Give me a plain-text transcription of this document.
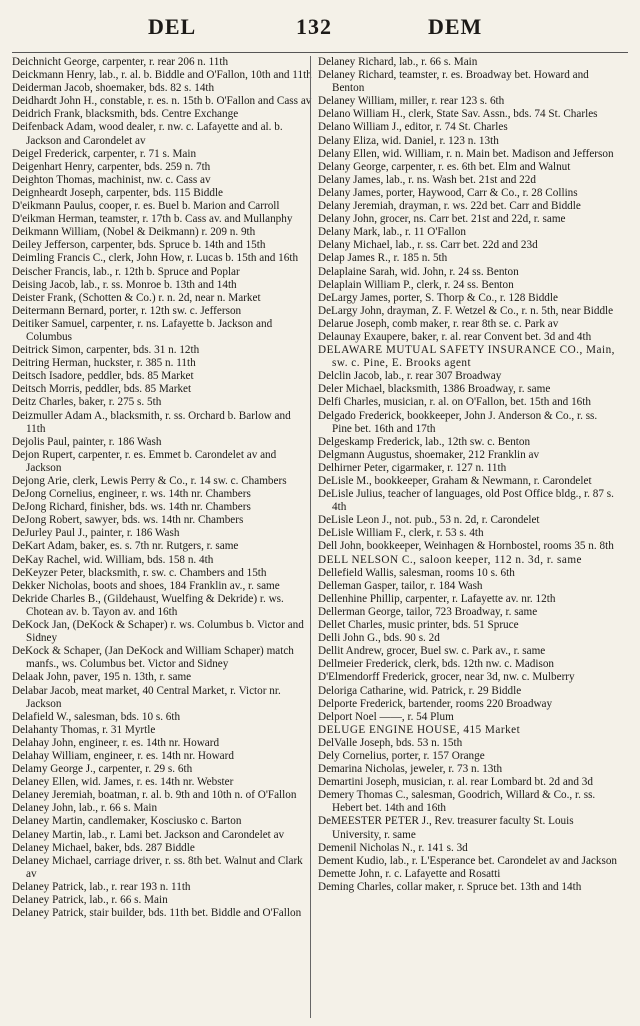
DEL	132	DEM

Deichnicht George, carpenter, r. rear 206 n. 11th

Deickmann Henry, lab., r. al. b. Biddle and O'Fallon, 10th and 11th

Deiderman Jacob, shoemaker, bds. 82 s. 14th

Deidhardt John H., constable, r. es. n. 15th b. O'Fallon and Cass av

Deidrich Frank, blacksmith, bds. Centre Exchange

Deifenback Adam, wood dealer, r. nw. c. Lafayette and al. b. Jackson and Carondelet av

Deigel Frederick, carpenter, r. 71 s. Main

Deigenhart Henry, carpenter, bds. 259 n. 7th

Deighton Thomas, machinist, nw. c. Cass av

Deignheardt Joseph, carpenter, bds. 115 Biddle

D'eikmann Paulus, cooper, r. es. Buel b. Marion and Carroll

D'eikman Herman, teamster, r. 17th b. Cass av. and Mullanphy

Deikmann William, (Nobel & Deikmann) r. 209 n. 9th

Deiley Jefferson, carpenter, bds. Spruce b. 14th and 15th

Deimling Francis C., clerk, John How, r. Lucas b. 15th and 16th

Deischer Francis, lab., r. 12th b. Spruce and Poplar

Deising Jacob, lab., r. ss. Monroe b. 13th and 14th

Deister Frank, (Schotten & Co.) r. n. 2d, near n. Market

Deitermann Bernard, porter, r. 12th sw. c. Jefferson

Deitiker Samuel, carpenter, r. ns. Lafayette b. Jackson and Columbus

Deitrick Simon, carpenter, bds. 31 n. 12th

Deitring Herman, huckster, r. 385 n. 11th

Deitsch Isadore, peddler, bds. 85 Market

Deitsch Morris, peddler, bds. 85 Market

Deitz Charles, baker, r. 275 s. 5th

Deizmuller Adam A., blacksmith, r. ss. Orchard b. Barlow and 11th

Dejolis Paul, painter, r. 186 Wash

Dejon Rupert, carpenter, r. es. Emmet b. Carondelet av and Jackson

Dejong Arie, clerk, Lewis Perry & Co., r. 14 sw. c. Chambers

DeJong Cornelius, engineer, r. ws. 14th nr. Chambers

DeJong Richard, finisher, bds. ws. 14th nr. Chambers

DeJong Robert, sawyer, bds. ws. 14th nr. Chambers

DeJurley Paul J., painter, r. 186 Wash

DeKart Adam, baker, es. s. 7th nr. Rutgers, r. same

DeKay Rachel, wid. William, bds. 158 n. 4th

DeKeyzer Peter, blacksmith, r. sw. c. Chambers and 15th

Dekker Nicholas, boots and shoes, 184 Franklin av., r. same

Dekride Charles B., (Gildehaust, Wuelfing & Dekride) r. ws. Chotean av. b. Tayon av. and 16th

DeKock Jan, (DeKock & Schaper) r. ws. Columbus b. Victor and Sidney

DeKock & Schaper, (Jan DeKock and William Schaper) match manfs., ws. Columbus bet. Victor and Sidney

Delaak John, paver, 195 n. 13th, r. same

Delabar Jacob, meat market, 40 Central Market, r. Victor nr. Jackson

Delafield W., salesman, bds. 10 s. 6th

Delahanty Thomas, r. 31 Myrtle

Delahay John, engineer, r. es. 14th nr. Howard

Delahay William, engineer, r. es. 14th nr. Howard

Delamy George J., carpenter, r. 29 s. 6th

Delaney Ellen, wid. James, r. es. 14th nr. Webster

Delaney Jeremiah, boatman, r. al. b. 9th and 10th n. of O'Fallon

Delaney John, lab., r. 66 s. Main

Delaney Martin, candlemaker, Kosciusko c. Barton

Delaney Martin, lab., r. Lami bet. Jackson and Carondelet av

Delaney Michael, baker, bds. 287 Biddle

Delaney Michael, carriage driver, r. ss. 8th bet. Walnut and Clark av

Delaney Patrick, lab., r. rear 193 n. 11th

Delaney Patrick, lab., r. 66 s. Main

Delaney Patrick, stair builder, bds. 11th bet. Biddle and O'Fallon

Delaney Richard, lab., r. 66 s. Main

Delaney Richard, teamster, r. es. Broadway bet. Howard and Benton

Delaney William, miller, r. rear 123 s. 6th

Delano William H., clerk, State Sav. Assn., bds. 74 St. Charles

Delano William J., editor, r. 74 St. Charles

Delany Eliza, wid. Daniel, r. 123 n. 13th

Delany Ellen, wid. William, r. n. Main bet. Madison and Jefferson

Delany George, carpenter, r. es. 6th bet. Elm and Walnut

Delany James, lab., r. ns. Wash bet. 21st and 22d

Delany James, porter, Haywood, Carr & Co., r. 28 Collins

Delany Jeremiah, drayman, r. ws. 22d bet. Carr and Biddle

Delany John, grocer, ns. Carr bet. 21st and 22d, r. same

Delany Mark, lab., r. 11 O'Fallon

Delany Michael, lab., r. ss. Carr bet. 22d and 23d

Delap James R., r. 185 n. 5th

Delaplaine Sarah, wid. John, r. 24 ss. Benton

Delaplain William P., clerk, r. 24 ss. Benton

DeLargy James, porter, S. Thorp & Co., r. 128 Biddle

DeLargy John, drayman, Z. F. Wetzel & Co., r. n. 5th, near Biddle

Delarue Joseph, comb maker, r. rear 8th se. c. Park av

Delaunay Exaupere, baker, r. al. rear Convent bet. 3d and 4th

DELAWARE MUTUAL SAFETY INSURANCE CO., Main, sw. c. Pine, E. Brooks agent

Delclin Jacob, lab., r. rear 307 Broadway

Deler Michael, blacksmith, 1386 Broadway, r. same

Delfi Charles, musician, r. al. on O'Fallon, bet. 15th and 16th

Delgado Frederick, bookkeeper, John J. Anderson & Co., r. ss. Pine bet. 16th and 17th

Delgeskamp Frederick, lab., 12th sw. c. Benton

Delgmann Augustus, shoemaker, 212 Franklin av

Delhirner Peter, cigarmaker, r. 127 n. 11th

DeLisle M., bookkeeper, Graham & Newmann, r. Carondelet

DeLisle Julius, teacher of languages, old Post Office bldg., r. 87 s. 4th

DeLisle Leon J., not. pub., 53 n. 2d, r. Carondelet

DeLisle William F., clerk, r. 53 s. 4th

Dell John, bookkeeper, Weinhagen & Hornbostel, rooms 35 n. 8th

DELL NELSON C., saloon keeper, 112 n. 3d, r. same

Dellefield Wallis, salesman, rooms 10 s. 6th

Delleman Gasper, tailor, r. 184 Wash

Dellenhine Phillip, carpenter, r. Lafayette av. nr. 12th

Dellerman George, tailor, 723 Broadway, r. same

Dellet Charles, music printer, bds. 51 Spruce

Delli John G., bds. 90 s. 2d

Dellit Andrew, grocer, Buel sw. c. Park av., r. same

Dellmeier Frederick, clerk, bds. 12th nw. c. Madison

D'Elmendorff Frederick, grocer, near 3d, nw. c. Mulberry

Deloriga Catharine, wid. Patrick, r. 29 Biddle

Delporte Frederick, bartender, rooms 220 Broadway

Delport Noel ——, r. 54 Plum

DELUGE ENGINE HOUSE, 415 Market

DelValle Joseph, bds. 53 n. 15th

Dely Cornelius, porter, r. 157 Orange

Demarina Nicholas, jeweler, r. 73 n. 13th

Demartini Joseph, musician, r. al. rear Lombard bt. 2d and 3d

Demery Thomas C., salesman, Goodrich, Willard & Co., r. ss. Hebert bet. 14th and 16th

DeMEESTER PETER J., Rev. treasurer faculty St. Louis University, r. same

Demenil Nicholas N., r. 141 s. 3d

Dement Kudio, lab., r. L'Esperance bet. Carondelet av and Jackson

Demette John, r. c. Lafayette and Rosatti

Deming Charles, collar maker, r. Spruce bet. 13th and 14th
